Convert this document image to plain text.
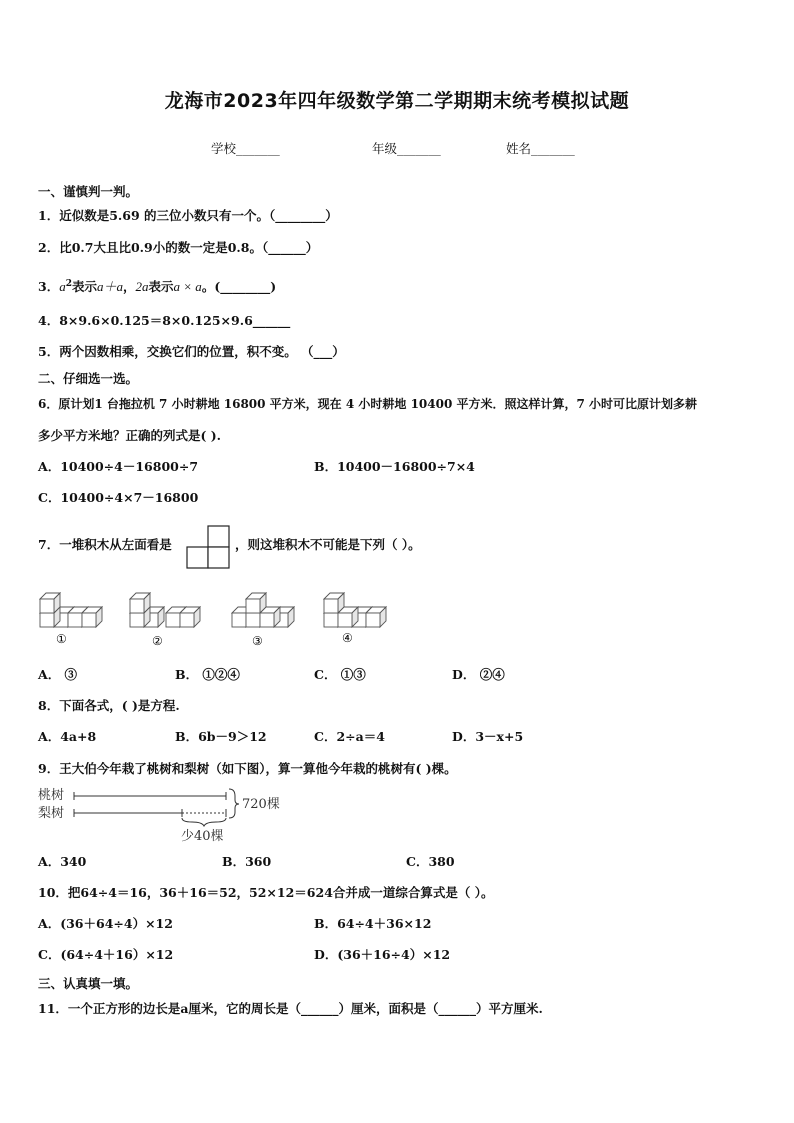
龙海市2023年四年级数学第二学期期末统考模拟试题
学校_______	年级_______	姓名_______
一、谨慎判一判。
1．近似数是5.69 的三位小数只有一个。（________）
2．比0.7大且比0.9小的数一定是0.8。（______）
3．$a^2$表示a＋a，2a表示a × a。(________)
4．8×9.6×0.125＝8×0.125×9.6______
5．两个因数相乘，交换它们的位置，积不变。 （___）
二、仔细选一选。
6．原计划1 台拖拉机 7 小时耕地 16800 平方米，现在 4 小时耕地 10400 平方米．照这样计算，7 小时可比原计划多耕
多少平方米地？正确的列式是( ).
A．10400÷4－16800÷7	B．10400－16800÷7×4
C．10400÷4×7－16800
7．一堆积木从左面看是	，则这堆积木不可能是下列（ ）。
①	②	③	④
A． ③	B． ①②④	C． ①③	D． ②④
8．下面各式，( )是方程.
A．4a+8	B．6b－9＞12	C．2÷a＝4	D．3－x+5
9．王大伯今年栽了桃树和梨树（如下图），算一算他今年栽的桃树有( )棵。
桃树
梨树
720棵
少40棵
A．340	B．360	C．380
10．把64÷4＝16，36＋16＝52，52×12＝624合并成一道综合算式是（ ）。
A．(36＋64÷4）×12	B．64÷4＋36×12
C．(64÷4＋16）×12	D．(36＋16÷4）×12
三、认真填一填。
11．一个正方形的边长是a厘米，它的周长是（______）厘米，面积是（______）平方厘米.
